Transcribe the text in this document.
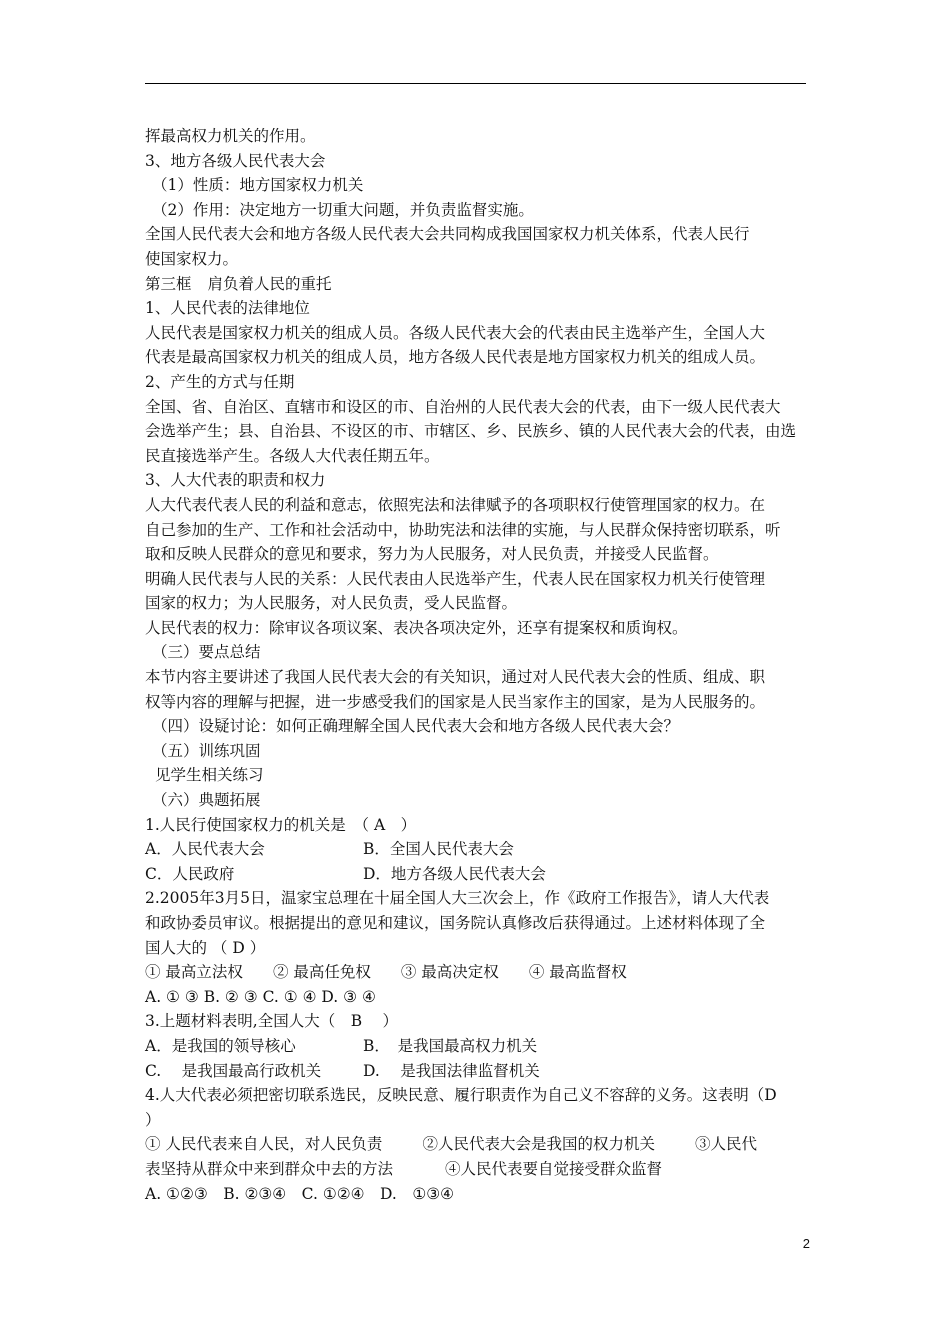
挥最高权力机关的作用。
3、地方各级人民代表大会
（1）性质：地方国家权力机关
（2）作用：决定地方一切重大问题，并负责监督实施。
全国人民代表大会和地方各级人民代表大会共同构成我国国家权力机关体系，代表人民行
使国家权力。
第三框 肩负着人民的重托
1、人民代表的法律地位
人民代表是国家权力机关的组成人员。各级人民代表大会的代表由民主选举产生，全国人大
代表是最高国家权力机关的组成人员，地方各级人民代表是地方国家权力机关的组成人员。
2、产生的方式与任期
全国、省、自治区、直辖市和设区的市、自治州的人民代表大会的代表，由下一级人民代表大
会选举产生；县、自治县、不设区的市、市辖区、乡、民族乡、镇的人民代表大会的代表，由选
民直接选举产生。各级人大代表任期五年。
3、人大代表的职责和权力
人大代表代表人民的利益和意志，依照宪法和法律赋予的各项职权行使管理国家的权力。在
自己参加的生产、工作和社会活动中，协助宪法和法律的实施，与人民群众保持密切联系，听
取和反映人民群众的意见和要求，努力为人民服务，对人民负责，并接受人民监督。
明确人民代表与人民的关系：人民代表由人民选举产生，代表人民在国家权力机关行使管理
国家的权力；为人民服务，对人民负责，受人民监督。
人民代表的权力：除审议各项议案、表决各项决定外，还享有提案权和质询权。
（三）要点总结
本节内容主要讲述了我国人民代表大会的有关知识，通过对人民代表大会的性质、组成、职
权等内容的理解与把握，进一步感受我们的国家是人民当家作主的国家，是为人民服务的。
（四）设疑讨论：如何正确理解全国人民代表大会和地方各级人民代表大会？
（五）训练巩固
见学生相关练习
（六）典题拓展
1.人民行使国家权力的机关是　（ A　）
A．人民代表大会	B．全国人民代表大会
C．人民政府	D．地方各级人民代表大会
2.2005年3月5日，温家宝总理在十届全国人大三次会上，作《政府工作报告》，请人大代表
和政协委员审议。根据提出的意见和建议，国务院认真修改后获得通过。上述材料体现了全
国人大的 （ D ）
① 最高立法权 ② 最高任免权 ③ 最高决定权 ④ 最高监督权
A. ① ③ B. ② ③ C. ① ④ D. ③ ④
3.上题材料表明,全国人大（　B　 ）
A．是我国的领导核心	B．　是我国最高权力机关
C.　 是我国最高行政机关	D.　 是我国法律监督机关
4.人大代表必须把密切联系选民，反映民意、履行职责作为自己义不容辞的义务。这表明（D
）
① 人民代表来自人民，对人民负责	②人民代表大会是我国的权力机关	③人民代
表坚持从群众中来到群众中去的方法	④人民代表要自觉接受群众监督
A. ①②③　B. ②③④　C. ①②④　D.　①③④
2
